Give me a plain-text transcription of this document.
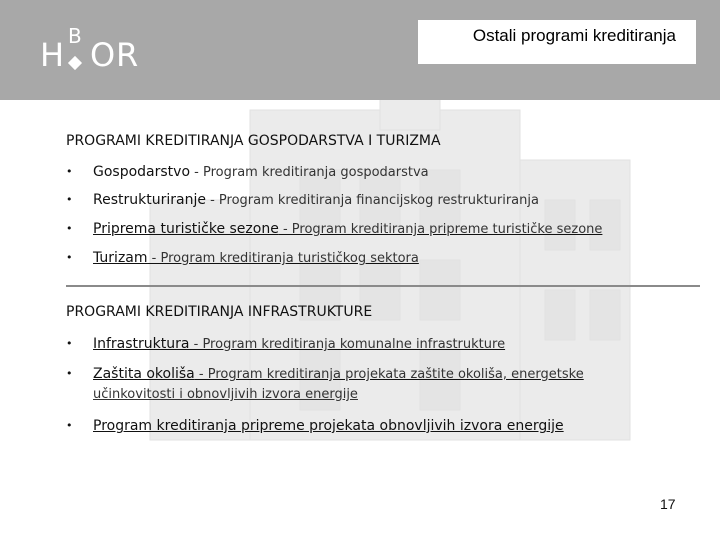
H B O R
Ostali programi kreditiranja
PROGRAMI KREDITIRANJA GOSPODARSTVA I TURIZMA
• Gospodarstvo - Program kreditiranja gospodarstva
• Restrukturiranje - Program kreditiranja financijskog restrukturiranja
• Priprema turističke sezone - Program kreditiranja pripreme turističke sezone
• Turizam - Program kreditiranja turističkog sektora
PROGRAMI KREDITIRANJA INFRASTRUKTURE
• Infrastruktura - Program kreditiranja komunalne infrastrukture
• Zaštita okoliša - Program kreditiranja projekata zaštite okoliša, energetske
učinkovitosti i obnovljivih izvora energije
• Program kreditiranja pripreme projekata obnovljivih izvora energije
17
